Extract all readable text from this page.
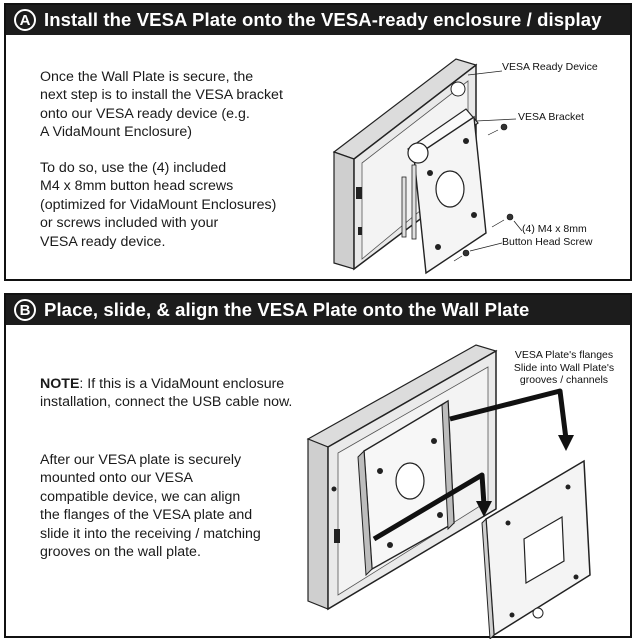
A Install the VESA Plate onto the VESA-ready enclosure / display

Once the Wall Plate is secure, the
next step is to install the VESA bracket
onto our VESA ready device (e.g.
A VidaMount Enclosure)

To do so, use the (4) included
M4 x 8mm button head screws
(optimized for VidaMount Enclosures)
or screws included with your
VESA ready device.

VESA Ready Device
VESA Bracket
(4) M4 x 8mm
Button Head Screw
B Place, slide, & align the VESA Plate onto the Wall Plate

NOTE: If this is a VidaMount enclosure
installation, connect the USB cable now.

After our VESA plate is securely
mounted onto our VESA
compatible device, we can align
the flanges of the VESA plate and
slide it into the receiving / matching
grooves on the wall plate.

VESA Plate's flanges
Slide into Wall Plate's
grooves / channels
